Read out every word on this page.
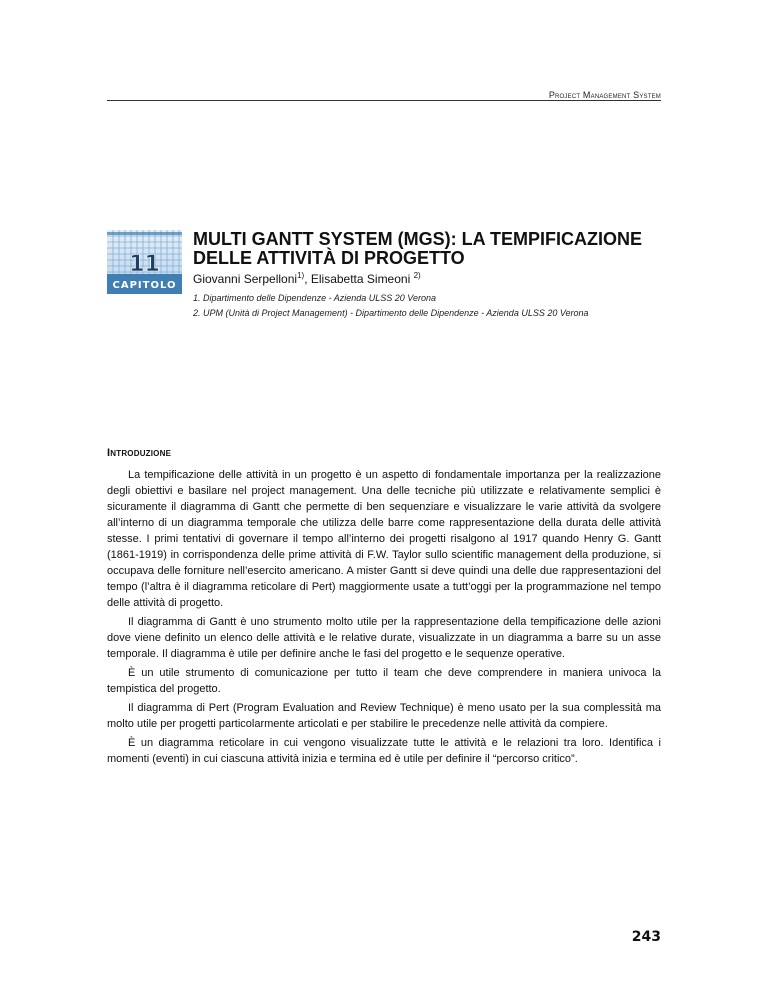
Project Management System
11
CAPITOLO
MULTI GANTT SYSTEM (MGS): LA TEMPIFICAZIONE DELLE ATTIVITÀ DI PROGETTO
Giovanni Serpelloni$^{1)}$, Elisabetta Simeoni $^{2)}$
1. Dipartimento delle Dipendenze - Azienda ULSS 20 Verona
2. UPM (Unità di Project Management) - Dipartimento delle Dipendenze - Azienda ULSS 20 Verona
Introduzione

La tempificazione delle attività in un progetto è un aspetto di fondamentale importanza per la realizzazione degli obiettivi e basilare nel project management. Una delle tecniche più utilizzate e relativamente semplici è sicuramente il diagramma di Gantt che permette di ben sequenziare e visualizzare le varie attività da svolgere all’interno di un diagramma temporale che utilizza delle barre come rappresentazione della durata delle attività stesse. I primi tentativi di governare il tempo all’interno dei progetti risalgono al 1917 quando Henry G. Gantt (1861-1919) in corrispondenza delle prime attività di F.W. Taylor sullo scientific management della produzione, si occupava delle forniture nell’esercito americano. A mister Gantt si deve quindi una delle due rappresentazioni del tempo (l’altra è il diagramma reticolare di Pert) maggiormente usate a tutt’oggi per la programmazione nel tempo delle attività di progetto.

Il diagramma di Gantt è uno strumento molto utile per la rappresentazione della tempificazione delle azioni dove viene definito un elenco delle attività e le relative durate, visualizzate in un diagramma a barre su un asse temporale. Il diagramma è utile per definire anche le fasi del progetto e le sequenze operative.

È un utile strumento di comunicazione per tutto il team che deve comprendere in maniera univoca la tempistica del progetto.

Il diagramma di Pert (Program Evaluation and Review Technique) è meno usato per la sua complessità ma molto utile per progetti particolarmente articolati e per stabilire le precedenze nelle attività da compiere.

È un diagramma reticolare in cui vengono visualizzate tutte le attività e le relazioni tra loro. Identifica i momenti (eventi) in cui ciascuna attività inizia e termina ed è utile per definire il “percorso critico”.

243
